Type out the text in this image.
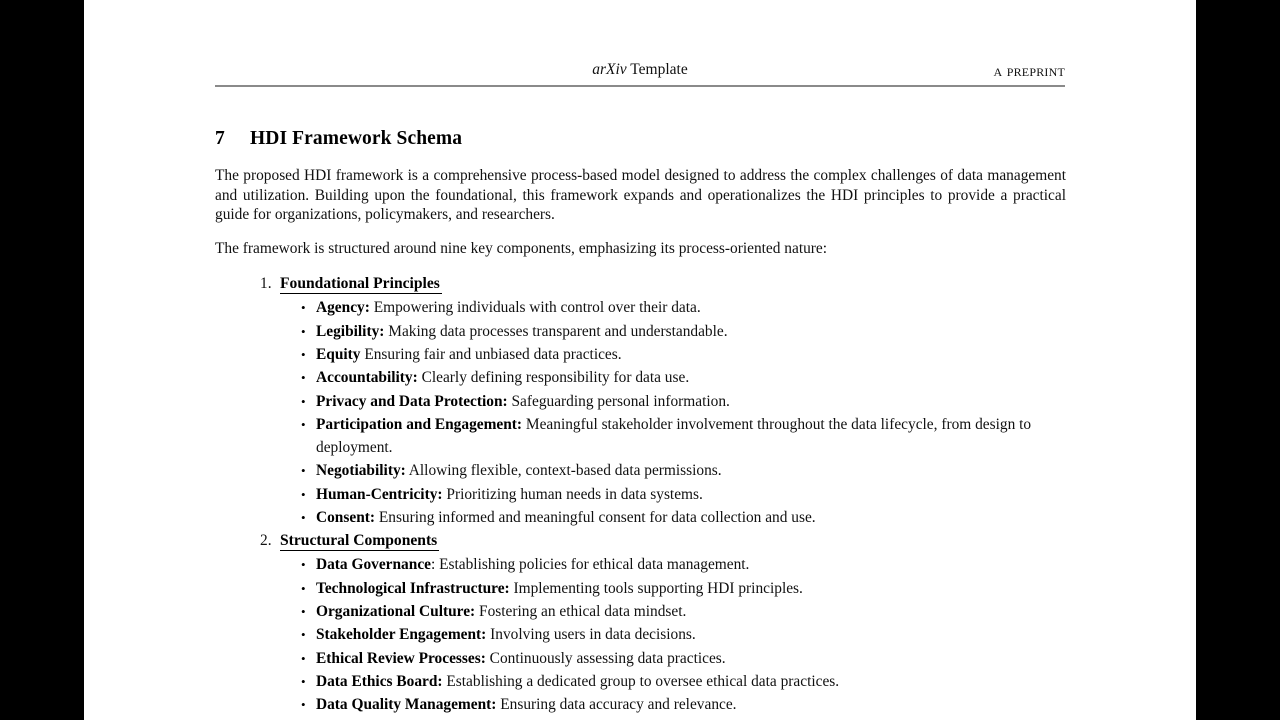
arXiv Template	a preprint
7 HDI Framework Schema

The proposed HDI framework is a comprehensive process-based model designed to address the complex challenges of data management and utilization. Building upon the foundational, this framework expands and operationalizes the HDI principles to provide a practical guide for organizations, policymakers, and researchers.

The framework is structured around nine key components, emphasizing its process-oriented nature:

1. Foundational Principles
• Agency: Empowering individuals with control over their data.
• Legibility: Making data processes transparent and understandable.
• Equity Ensuring fair and unbiased data practices.
• Accountability: Clearly defining responsibility for data use.
• Privacy and Data Protection: Safeguarding personal information.
• Participation and Engagement: Meaningful stakeholder involvement throughout the data lifecycle, from design to deployment.
• Negotiability: Allowing flexible, context-based data permissions.
• Human-Centricity: Prioritizing human needs in data systems.
• Consent: Ensuring informed and meaningful consent for data collection and use.
2. Structural Components
• Data Governance: Establishing policies for ethical data management.
• Technological Infrastructure: Implementing tools supporting HDI principles.
• Organizational Culture: Fostering an ethical data mindset.
• Stakeholder Engagement: Involving users in data decisions.
• Ethical Review Processes: Continuously assessing data practices.
• Data Ethics Board: Establishing a dedicated group to oversee ethical data practices.
• Data Quality Management: Ensuring data accuracy and relevance.
